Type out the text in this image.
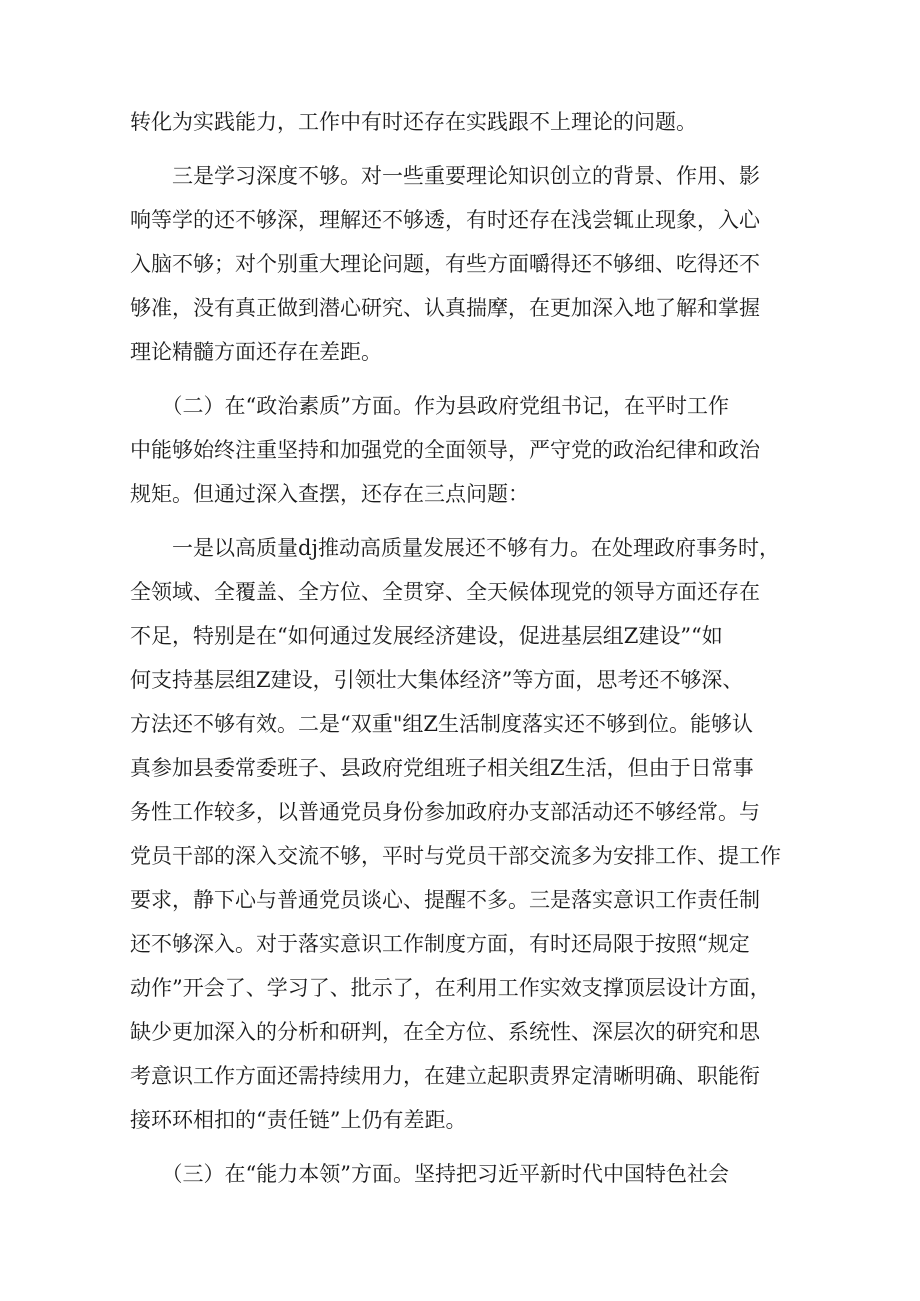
转化为实践能力，工作中有时还存在实践跟不上理论的问题。
　　三是学习深度不够。对一些重要理论知识创立的背景、作用、影
响等学的还不够深，理解还不够透，有时还存在浅尝辄止现象，入心
入脑不够；对个别重大理论问题，有些方面嚼得还不够细、吃得还不
够准，没有真正做到潜心研究、认真揣摩，在更加深入地了解和掌握
理论精髓方面还存在差距。
　　（二）在“政治素质”方面。作为县政府党组书记，在平时工作
中能够始终注重坚持和加强党的全面领导，严守党的政治纪律和政治
规矩。但通过深入查摆，还存在三点问题：
　　一是以高质量dj推动高质量发展还不够有力。在处理政府事务时，
全领域、全覆盖、全方位、全贯穿、全天候体现党的领导方面还存在
不足，特别是在“如何通过发展经济建设，促进基层组Z建设”“如
何支持基层组Z建设，引领壮大集体经济”等方面，思考还不够深、
方法还不够有效。二是“双重"组Z生活制度落实还不够到位。能够认
真参加县委常委班子、县政府党组班子相关组Z生活，但由于日常事
务性工作较多，以普通党员身份参加政府办支部活动还不够经常。与
党员干部的深入交流不够，平时与党员干部交流多为安排工作、提工作
要求，静下心与普通党员谈心、提醒不多。三是落实意识工作责任制
还不够深入。对于落实意识工作制度方面，有时还局限于按照“规定
动作”开会了、学习了、批示了，在利用工作实效支撑顶层设计方面，
缺少更加深入的分析和研判，在全方位、系统性、深层次的研究和思
考意识工作方面还需持续用力，在建立起职责界定清晰明确、职能衔
接环环相扣的“责任链”上仍有差距。
　　（三）在“能力本领”方面。坚持把习近平新时代中国特色社会
